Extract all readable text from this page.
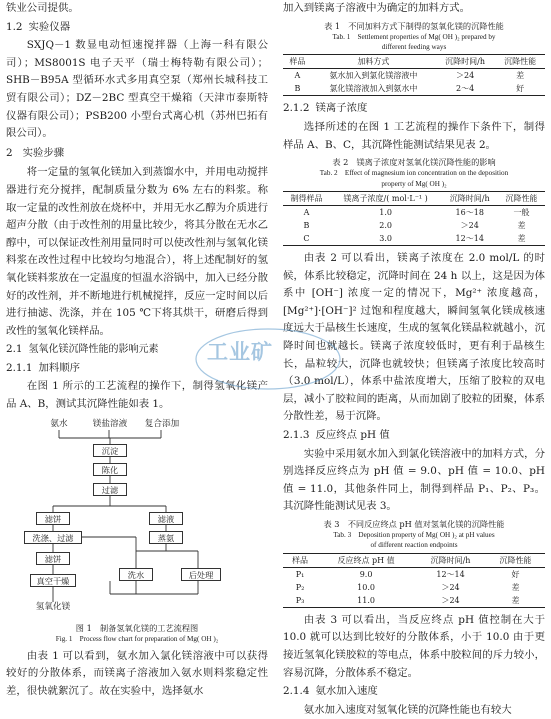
铁业公司提供。

1.2 实验仪器

SXJQ－1 数显电动恒速搅拌器（上海一科有限公司）；MS8001S 电子天平（瑞士梅特勒有限公司）；SHB－B95A 型循环水式多用真空泵（郑州长城科技工贸有限公司）；DZ－2BC 型真空干燥箱（天津市泰斯特仪器有限公司）；PSB200 小型台式离心机（苏州巴拓有限公司）。

2 实验步骤

将一定量的氢氧化镁加入到蒸馏水中，并用电动搅拌器进行充分搅拌，配制质量分数为 6% 左右的料浆。称取一定量的改性剂放在烧杯中，并用无水乙醇为介质进行超声分散（由于改性剂的用量比较少，将其分散在无水乙醇中，可以保证改性剂用量同时可以使改性剂与氢氧化镁料浆在改性过程中比较均匀地混合），将上述配制好的氢氧化镁料浆放在一定温度的恒温水浴锅中，加入已经分散好的改性剂，并不断地进行机械搅拌，反应一定时间以后进行抽滤、洗涤，并在 105 ℃下将其烘干，研磨后得到改性的氢氧化镁样品。

2.1 氢氧化镁沉降性能的影响元素

2.1.1 加料顺序

在图 1 所示的工艺流程的操作下，制得氢氧化镁产品 A、B，测试其沉降性能如表 1。

氨水	镁盐溶液	复合添加
沉淀
陈化
过滤
滤饼	滤液
洗涤、过滤	蒸氨
滤饼
洗水	后处理
真空干燥
氢氧化镁
图 1　制备氢氧化镁的工艺流程图
Fig. 1　Process flow chart for preparation of Mg( OH )₂

由表 1 可以看到，氨水加入氯化镁溶液中可以获得较好的分散体系，而镁离子溶液加入氨水则料浆稳定性差，很快就絮沉了。故在实验中，选择氨水

加入到镁离子溶液中为确定的加料方式。

表 1　不同加料方式下制得的氢氧化镁的沉降性能
Tab. 1　Settlement properties of Mg( OH )₂ prepared by
different feeding ways
样品	加料方式	沉降时间/h	沉降性能
A	氨水加入到氯化镁溶液中	＞24	差
B	氯化镁溶液加入到氨水中	2～4	好

2.1.2 镁离子浓度

选择所述的在图 1 工艺流程的操作下条件下，制得样品 A、B、C，其沉降性能测试结果见表 2。

表 2　镁离子浓度对氢氧化镁沉降性能的影响
Tab. 2　Effect of magnesium ion concentration on the deposition
property of Mg( OH )₂
制得样品	镁离子浓度/( mol·L⁻¹ )	沉降时间/h	沉降性能
A	1.0	16～18	一般
B	2.0	＞24	差
C	3.0	12～14	差

由表 2 可以看出，镁离子浓度在 2.0 mol/L 的时候，体系比较稳定，沉降时间在 24 h 以上，这是因为体系中 [OH⁻] 浓度一定的情况下，Mg²⁺ 浓度越高，[Mg²⁺]·[OH⁻]² 过饱和程度越大，瞬间氢氧化镁成核速度远大于晶核生长速度，生成的氢氧化镁晶粒就越小，沉降时间也就越长。镁离子浓度较低时，更有利于晶核生长，晶粒较大，沉降也就较快；但镁离子浓度比较高时（3.0 mol/L），体系中盐浓度增大，压缩了胶粒的双电层，减小了胶粒间的距离，从而加剧了胶粒的团聚，体系分散性差，易于沉降。

2.1.3 反应终点 pH 值

实验中采用氨水加入到氯化镁溶液中的加料方式，分别选择反应终点为 pH 值 = 9.0、pH 值 = 10.0、pH 值 = 11.0，其他条件同上，制得到样品 P₁、P₂、P₃。其沉降性能测试见表 3。

表 3　不同反应终点 pH 值对氢氧化镁的沉降性能
Tab. 3　Deposition property of Mg( OH )₂ at pH values
of different reaction endpoints
样品	反应终点 pH 值	沉降时间/h	沉降性能
P₁	9.0	12～14	好
P₂	10.0	＞24	差
P₃	11.0	＞24	差

由表 3 可以看出，当反应终点 pH 值控制在大于 10.0 就可以达到比较好的分散体系，小于 10.0 由于更接近氢氧化镁胶粒的等电点，体系中胶粒间的斥力较小，容易沉降，分散体系不稳定。

2.1.4 氨水加入速度

氨水加入速度对氢氧化镁的沉降性能也有较大

工业矿
